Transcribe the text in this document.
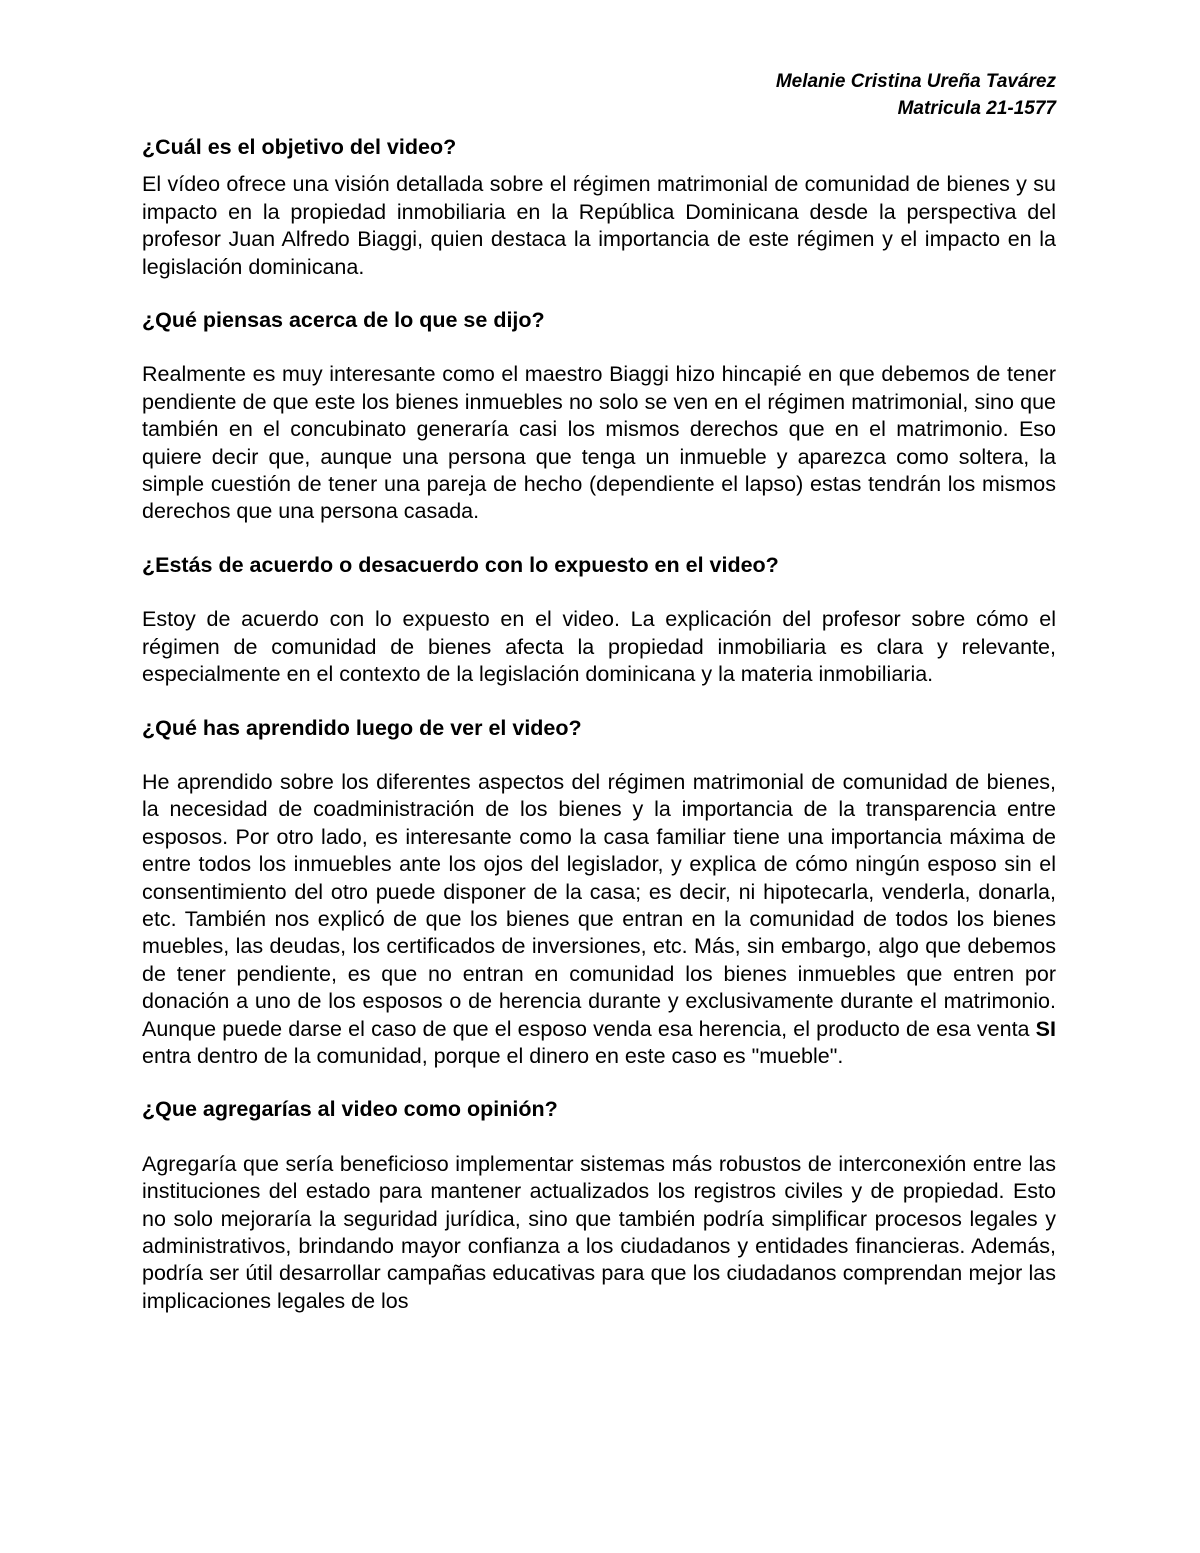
Melanie Cristina Ureña Tavárez
Matricula 21-1577

¿Cuál es el objetivo del video?

El vídeo ofrece una visión detallada sobre el régimen matrimonial de comunidad de bienes y su impacto en la propiedad inmobiliaria en la República Dominicana desde la perspectiva del profesor Juan Alfredo Biaggi, quien destaca la importancia de este régimen y el impacto en la legislación dominicana.

¿Qué piensas acerca de lo que se dijo?

Realmente es muy interesante como el maestro Biaggi hizo hincapié en que debemos de tener pendiente de que este los bienes inmuebles no solo se ven en el régimen matrimonial, sino que también en el concubinato generaría casi los mismos derechos que en el matrimonio. Eso quiere decir que, aunque una persona que tenga un inmueble y aparezca como soltera, la simple cuestión de tener una pareja de hecho (dependiente el lapso) estas tendrán los mismos derechos que una persona casada.

¿Estás de acuerdo o desacuerdo con lo expuesto en el video?

Estoy de acuerdo con lo expuesto en el video. La explicación del profesor sobre cómo el régimen de comunidad de bienes afecta la propiedad inmobiliaria es clara y relevante, especialmente en el contexto de la legislación dominicana y la materia inmobiliaria.

¿Qué has aprendido luego de ver el video?

He aprendido sobre los diferentes aspectos del régimen matrimonial de comunidad de bienes, la necesidad de coadministración de los bienes y la importancia de la transparencia entre esposos. Por otro lado, es interesante como la casa familiar tiene una importancia máxima de entre todos los inmuebles ante los ojos del legislador, y explica de cómo ningún esposo sin el consentimiento del otro puede disponer de la casa; es decir, ni hipotecarla, venderla, donarla, etc. También nos explicó de que los bienes que entran en la comunidad de todos los bienes muebles, las deudas, los certificados de inversiones, etc. Más, sin embargo, algo que debemos de tener pendiente, es que no entran en comunidad los bienes inmuebles que entren por donación a uno de los esposos o de herencia durante y exclusivamente durante el matrimonio. Aunque puede darse el caso de que el esposo venda esa herencia, el producto de esa venta SI entra dentro de la comunidad, porque el dinero en este caso es "mueble".

¿Que agregarías al video como opinión?

Agregaría que sería beneficioso implementar sistemas más robustos de interconexión entre las instituciones del estado para mantener actualizados los registros civiles y de propiedad. Esto no solo mejoraría la seguridad jurídica, sino que también podría simplificar procesos legales y administrativos, brindando mayor confianza a los ciudadanos y entidades financieras. Además, podría ser útil desarrollar campañas educativas para que los ciudadanos comprendan mejor las implicaciones legales de los
